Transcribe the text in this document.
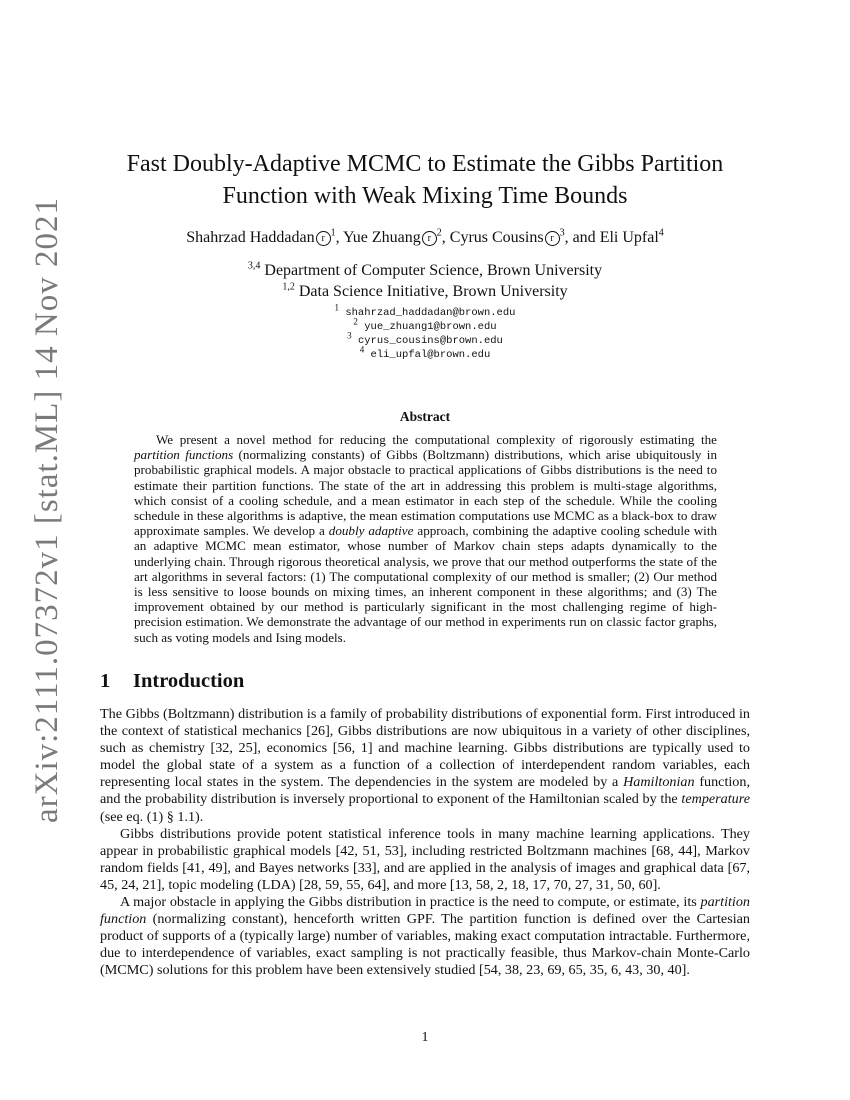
arXiv:2111.07372v1 [stat.ML] 14 Nov 2021
Fast Doubly-Adaptive MCMC to Estimate the Gibbs Partition Function with Weak Mixing Time Bounds
Shahrzad Haddadan r $^1$, Yue Zhuang r $^2$, Cyrus Cousins r $^3$, and Eli Upfal$^4$
$^{3,4}$ Department of Computer Science, Brown University
$^{1,2}$ Data Science Initiative, Brown University
$^1$ shahrzad_haddadan@brown.edu
$^2$ yue_zhuang1@brown.edu
$^3$ cyrus_cousins@brown.edu
$^4$ eli_upfal@brown.edu
Abstract

We present a novel method for reducing the computational complexity of rigorously estimating the partition functions (normalizing constants) of Gibbs (Boltzmann) distributions, which arise ubiquitously in probabilistic graphical models. A major obstacle to practical applications of Gibbs distributions is the need to estimate their partition functions. The state of the art in addressing this problem is multi-stage algorithms, which consist of a cooling schedule, and a mean estimator in each step of the schedule. While the cooling schedule in these algorithms is adaptive, the mean estimation computations use MCMC as a black-box to draw approximate samples. We develop a doubly adaptive approach, combining the adaptive cooling schedule with an adaptive MCMC mean estimator, whose number of Markov chain steps adapts dynamically to the underlying chain. Through rigorous theoretical analysis, we prove that our method outperforms the state of the art algorithms in several factors: (1) The computational complexity of our method is smaller; (2) Our method is less sensitive to loose bounds on mixing times, an inherent component in these algorithms; and (3) The improvement obtained by our method is particularly significant in the most challenging regime of high-precision estimation. We demonstrate the advantage of our method in experiments run on classic factor graphs, such as voting models and Ising models.

1 Introduction

The Gibbs (Boltzmann) distribution is a family of probability distributions of exponential form. First introduced in the context of statistical mechanics [26], Gibbs distributions are now ubiquitous in a variety of other disciplines, such as chemistry [32, 25], economics [56, 1] and machine learning. Gibbs distributions are typically used to model the global state of a system as a function of a collection of interdependent random variables, each representing local states in the system. The dependencies in the system are modeled by a Hamiltonian function, and the probability distribution is inversely proportional to exponent of the Hamiltonian scaled by the temperature (see eq. (1) § 1.1).

Gibbs distributions provide potent statistical inference tools in many machine learning applications. They appear in probabilistic graphical models [42, 51, 53], including restricted Boltzmann machines [68, 44], Markov random fields [41, 49], and Bayes networks [33], and are applied in the analysis of images and graphical data [67, 45, 24, 21], topic modeling (LDA) [28, 59, 55, 64], and more [13, 58, 2, 18, 17, 70, 27, 31, 50, 60].

A major obstacle in applying the Gibbs distribution in practice is the need to compute, or estimate, its partition function (normalizing constant), henceforth written GPF. The partition function is defined over the Cartesian product of supports of a (typically large) number of variables, making exact computation intractable. Furthermore, due to interdependence of variables, exact sampling is not practically feasible, thus Markov-chain Monte-Carlo (MCMC) solutions for this problem have been extensively studied [54, 38, 23, 69, 65, 35, 6, 43, 30, 40].

1
